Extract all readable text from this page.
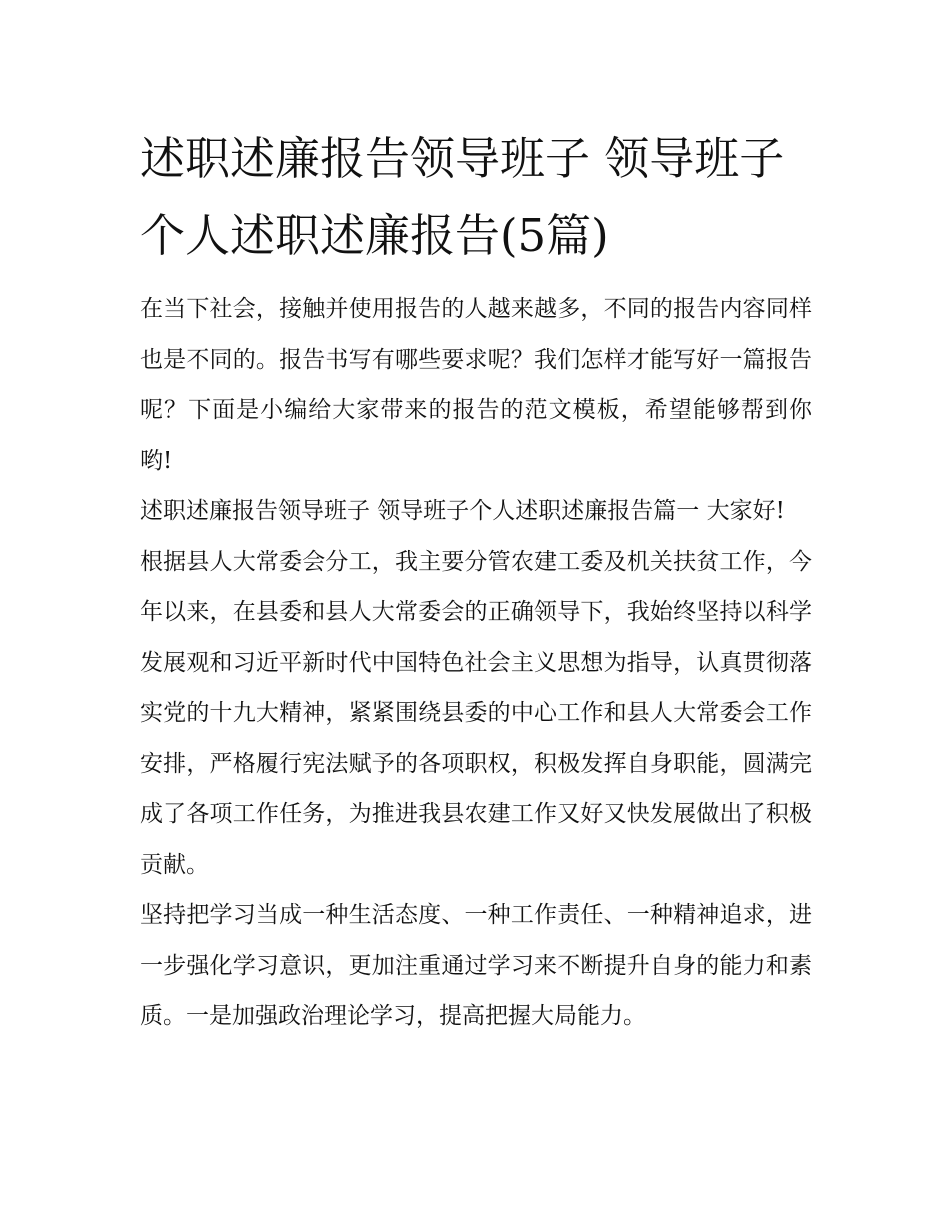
述职述廉报告领导班子 领导班子个人述职述廉报告(5篇)

在当下社会，接触并使用报告的人越来越多，不同的报告内容同样也是不同的。报告书写有哪些要求呢？我们怎样才能写好一篇报告呢？下面是小编给大家带来的报告的范文模板，希望能够帮到你哟!

述职述廉报告领导班子 领导班子个人述职述廉报告篇一 大家好!

根据县人大常委会分工，我主要分管农建工委及机关扶贫工作，今年以来，在县委和县人大常委会的正确领导下，我始终坚持以科学发展观和习近平新时代中国特色社会主义思想为指导，认真贯彻落实党的十九大精神，紧紧围绕县委的中心工作和县人大常委会工作安排，严格履行宪法赋予的各项职权，积极发挥自身职能，圆满完成了各项工作任务，为推进我县农建工作又好又快发展做出了积极贡献。

坚持把学习当成一种生活态度、一种工作责任、一种精神追求，进一步强化学习意识，更加注重通过学习来不断提升自身的能力和素质。一是加强政治理论学习，提高把握大局能力。
